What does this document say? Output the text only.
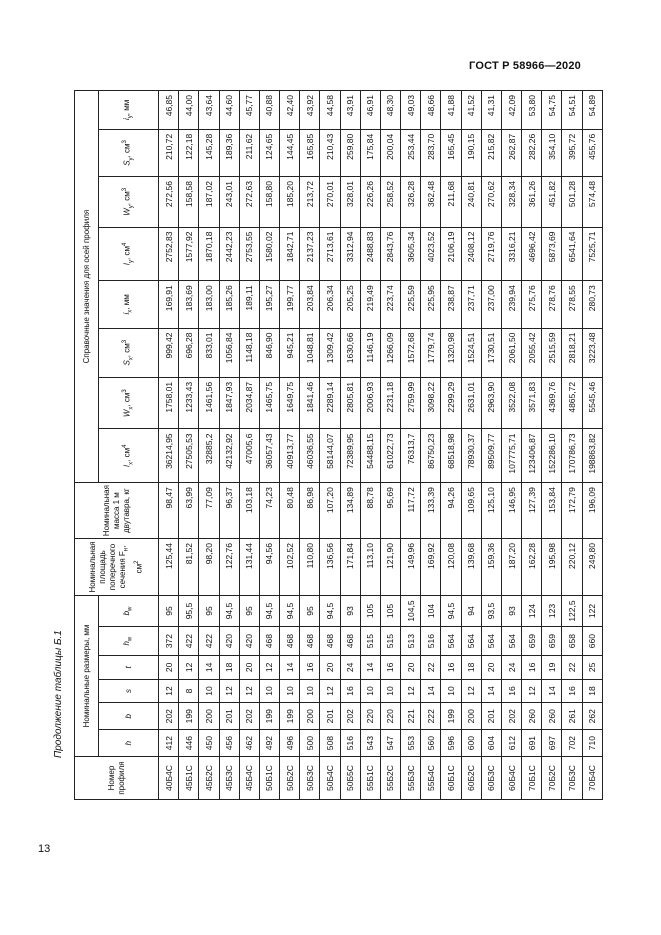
ГОСТ Р 58966—2020
Продолжение таблицы Б.1
13
Номер профиля	Номинальные размеры, мм						Номинальная площадь поперечного сечения $F_н$, $см^2$	Номинальная масса 1 м двутавра, кг	Справочные значения для осей профиля							
	h	b	s	t	$h_w$	$b_w$			$I_x$, $см^4$	$W_x$, $см^3$	$S_x$, $см^3$	$i_x$, мм	$I_y$, $см^4$	$W_y$, $см^3$	$S_y$, $см^3$	$i_y$, мм
40Б4С	412	202	12	20	372	95	125,44	98,47	36214,95	1758,01	999,42	169,91	2752,83	272,56	210,72	46,85
45Б1С	446	199	8	12	422	95,5	81,52	63,99	27505,53	1233,43	696,28	183,69	1577,92	158,58	122,18	44,00
45Б2С	450	200	10	14	422	95	98,20	77,09	32885,2	1461,56	833,01	183,00	1870,18	187,02	145,28	43,64
45Б3С	456	201	12	18	420	94,5	122,76	96,37	42132,92	1847,93	1056,84	185,26	2442,23	243,01	189,36	44,60
45Б4С	462	202	12	20	420	95	131,44	103,18	47005,6	2034,87	1148,18	189,11	2753,55	272,63	211,62	45,77
50Б1С	492	199	10	12	468	94,5	94,56	74,23	36057,43	1465,75	846,90	195,27	1580,02	158,80	124,65	40,88
50Б2С	496	199	10	14	468	94,5	102,52	80,48	40913,77	1649,75	945,21	199,77	1842,71	185,20	144,45	42,40
50Б3С	500	200	10	16	468	95	110,80	86,98	46036,55	1841,46	1048,81	203,84	2137,23	213,72	165,85	43,92
50Б4С	508	201	12	20	468	94,5	136,56	107,20	58144,07	2289,14	1309,42	206,34	2713,61	270,01	210,43	44,58
50Б5С	516	202	16	24	468	93	171,84	134,89	72389,95	2805,81	1630,66	205,25	3312,94	328,01	259,80	43,91
55Б1С	543	220	10	14	515	105	113,10	88,78	54488,15	2006,93	1146,19	219,49	2488,83	226,26	175,84	46,91
55Б2С	547	220	10	16	515	105	121,90	95,69	61022,73	2231,18	1266,09	223,74	2843,76	258,52	200,04	48,30
55Б3С	553	221	12	20	513	104,5	149,96	117,72	76313,7	2759,99	1572,68	225,59	3605,34	326,28	253,44	49,03
55Б4С	560	222	14	22	516	104	169,92	133,39	86750,23	3098,22	1779,74	225,95	4023,52	362,48	283,70	48,66
60Б1С	596	199	10	16	564	94,5	120,08	94,26	68518,98	2299,29	1320,98	238,87	2106,19	211,68	165,45	41,88
60Б2С	600	200	12	18	564	94	139,68	109,65	78930,37	2631,01	1524,51	237,71	2408,12	240,81	190,15	41,52
60Б3С	604	201	14	20	564	93,5	159,36	125,10	89509,77	2963,90	1730,51	237,00	2719,76	270,62	215,82	41,31
60Б4С	612	202	16	24	564	93	187,20	146,95	107775,71	3522,08	2061,50	239,94	3316,21	328,34	262,87	42,09
70Б1С	691	260	12	16	659	124	162,28	127,39	123406,87	3571,83	2055,42	275,76	4696,42	361,26	282,26	53,80
70Б2С	697	260	14	19	659	123	195,98	153,84	152286,10	4369,76	2515,59	278,76	5873,69	451,82	354,10	54,75
70Б3С	702	261	16	22	658	122,5	220,12	172,79	170786,73	4865,72	2818,21	278,55	6541,64	501,28	395,72	54,51
70Б4С	710	262	18	25	660	122	249,80	196,09	198863,82	5545,46	3223,48	280,73	7525,71	574,48	455,76	54,89
